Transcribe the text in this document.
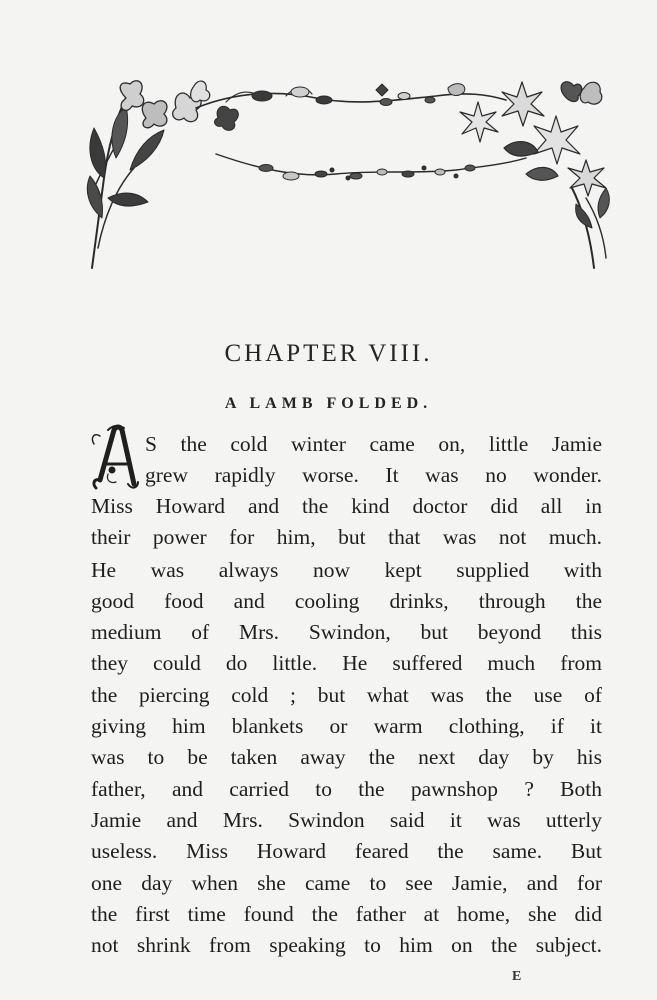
CHAPTER VIII.
A LAMB FOLDED.
S the cold winter came on, little Jamie
grew rapidly worse. It was no wonder.
Miss Howard and the kind doctor did all in
their power for him, but that was not much.
He was always now kept supplied with
good food and cooling drinks, through the
medium of Mrs. Swindon, but beyond this
they could do little. He suffered much from
the piercing cold ; but what was the use of
giving him blankets or warm clothing, if it
was to be taken away the next day by his
father, and carried to the pawnshop ? Both
Jamie and Mrs. Swindon said it was utterly
useless. Miss Howard feared the same. But
one day when she came to see Jamie, and for
the first time found the father at home, she did
not shrink from speaking to him on the subject.
E
